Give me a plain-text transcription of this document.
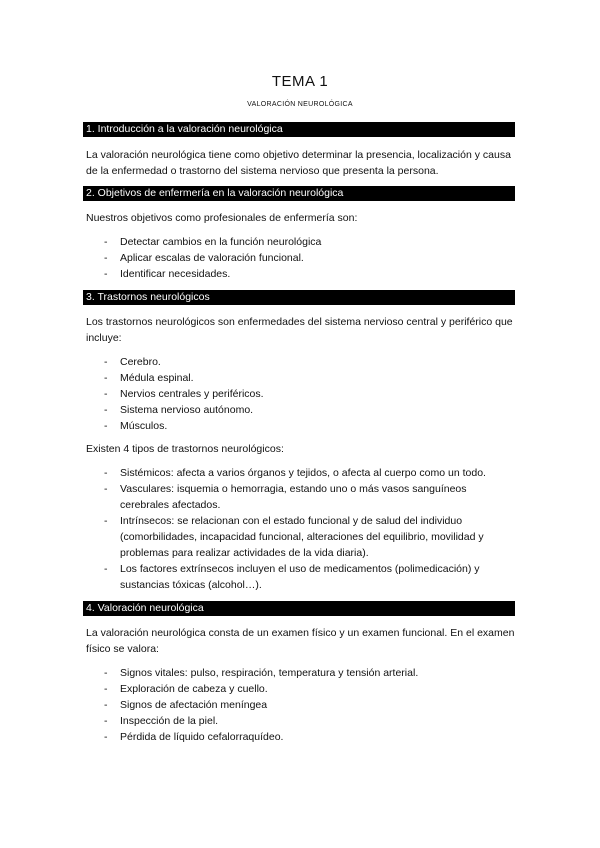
TEMA 1
VALORACIÓN NEUROLÓGICA
1. Introducción a la valoración neurológica
La valoración neurológica tiene como objetivo determinar la presencia, localización y causa de la enfermedad o trastorno del sistema nervioso que presenta la persona.
2. Objetivos de enfermería en la valoración neurológica
Nuestros objetivos como profesionales de enfermería son:
- Detectar cambios en la función neurológica
- Aplicar escalas de valoración funcional.
- Identificar necesidades.
3. Trastornos neurológicos
Los trastornos neurológicos son enfermedades del sistema nervioso central y periférico que incluye:
- Cerebro.
- Médula espinal.
- Nervios centrales y periféricos.
- Sistema nervioso autónomo.
- Músculos.
Existen 4 tipos de trastornos neurológicos:
- Sistémicos: afecta a varios órganos y tejidos, o afecta al cuerpo como un todo.
- Vasculares: isquemia o hemorragia, estando uno o más vasos sanguíneos cerebrales afectados.
- Intrínsecos: se relacionan con el estado funcional y de salud del individuo (comorbilidades, incapacidad funcional, alteraciones del equilibrio, movilidad y problemas para realizar actividades de la vida diaria).
- Los factores extrínsecos incluyen el uso de medicamentos (polimedicación) y sustancias tóxicas (alcohol…).
4. Valoración neurológica
La valoración neurológica consta de un examen físico y un examen funcional. En el examen físico se valora:
- Signos vitales: pulso, respiración, temperatura y tensión arterial.
- Exploración de cabeza y cuello.
- Signos de afectación meníngea
- Inspección de la piel.
- Pérdida de líquido cefalorraquídeo.
